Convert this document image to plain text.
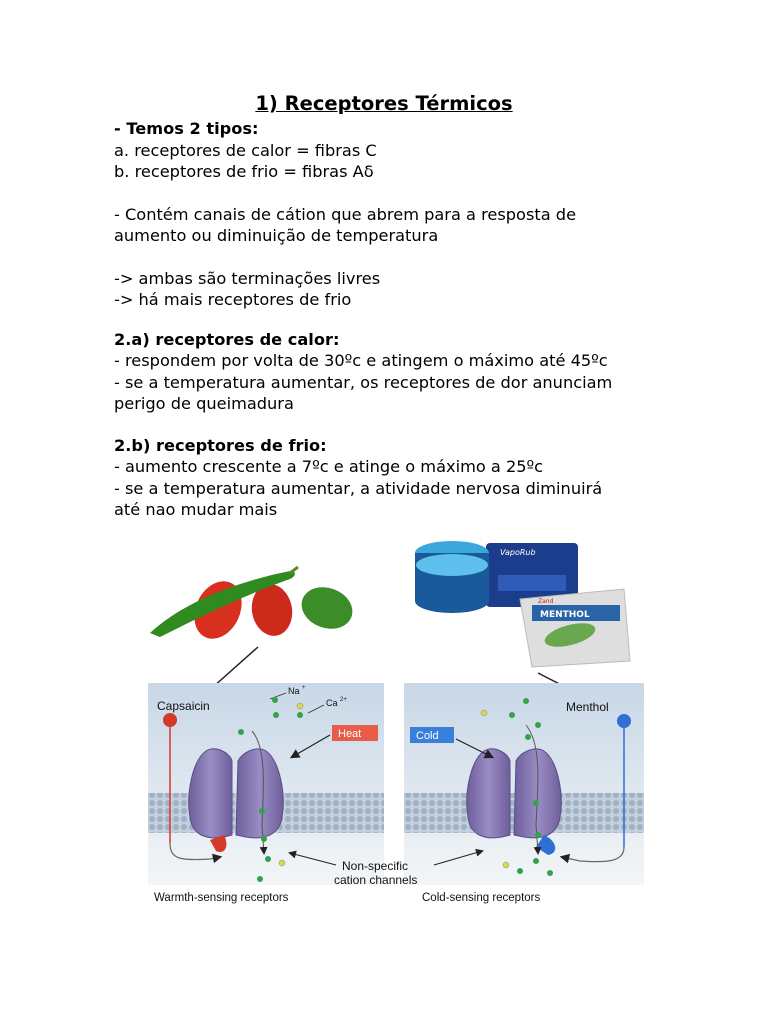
1) Receptores Térmicos
- Temos 2 tipos:
a. receptores de calor = fibras C
b. receptores de frio = fibras Aδ
- Contém canais de cátion que abrem para a resposta de
aumento ou diminuição de temperatura
-> ambas são terminações livres
-> há mais receptores de frio
2.a) receptores de calor:
- respondem por volta de 30ºc e atingem o máximo até 45ºc
- se a temperatura aumentar, os receptores de dor anunciam
perigo de queimadura
2.b) receptores de frio:
- aumento crescente a 7ºc e atinge o máximo a 25ºc
- se a temperatura aumentar, a atividade nervosa diminuirá
até nao mudar mais
VapoRub
MENTHOL
Zand
Capsaicin
Na +
Ca 2+
Heat
Warmth-sensing receptors
Menthol
Cold
Cold-sensing receptors
Non-specific
cation channels
